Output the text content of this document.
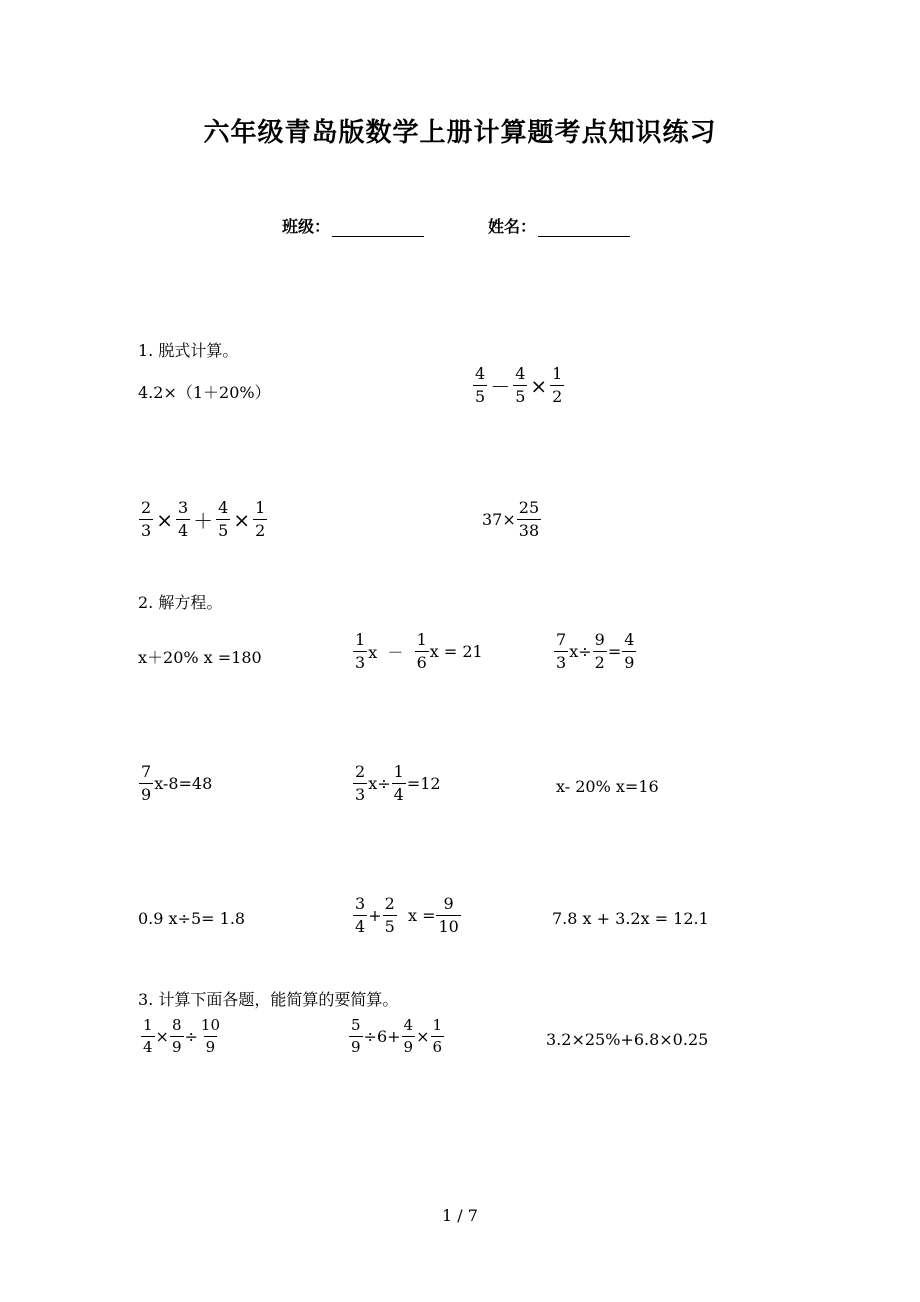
六年级青岛版数学上册计算题考点知识练习
班级：	姓名：
1. 脱式计算。
4.2×（1＋20%）	$\frac{4}{5} - \frac{4}{5} \times \frac{1}{2}$
$\frac{2}{3} \times \frac{3}{4} + \frac{4}{5} \times \frac{1}{2}$	$37\times \frac{25}{38}$
2. 解方程。
x＋20% x =180	$\frac{1}{3}$ $x - \frac{1}{6}$ x = 21	$\frac{7}{3} x\div \frac{9}{2} = \frac{4}{9}$
$\frac{7}{9} x-8=48$	$\frac{2}{3} x\div \frac{1}{4} =12$	x- 20% x=16
0.9 x÷5= 1.8	$\frac{3}{4} + \frac{2}{5}$ $x = \frac{9}{10}$	7.8 x + 3.2x = 12.1
3. 计算下面各题，能简算的要简算。
$\frac{1}{4} \times \frac{8}{9} \div \frac{10}{9}$	$\frac{5}{9} \div 6+ \frac{4}{9} \times \frac{1}{6}$	3.2×25%+6.8×0.25
1 / 7
